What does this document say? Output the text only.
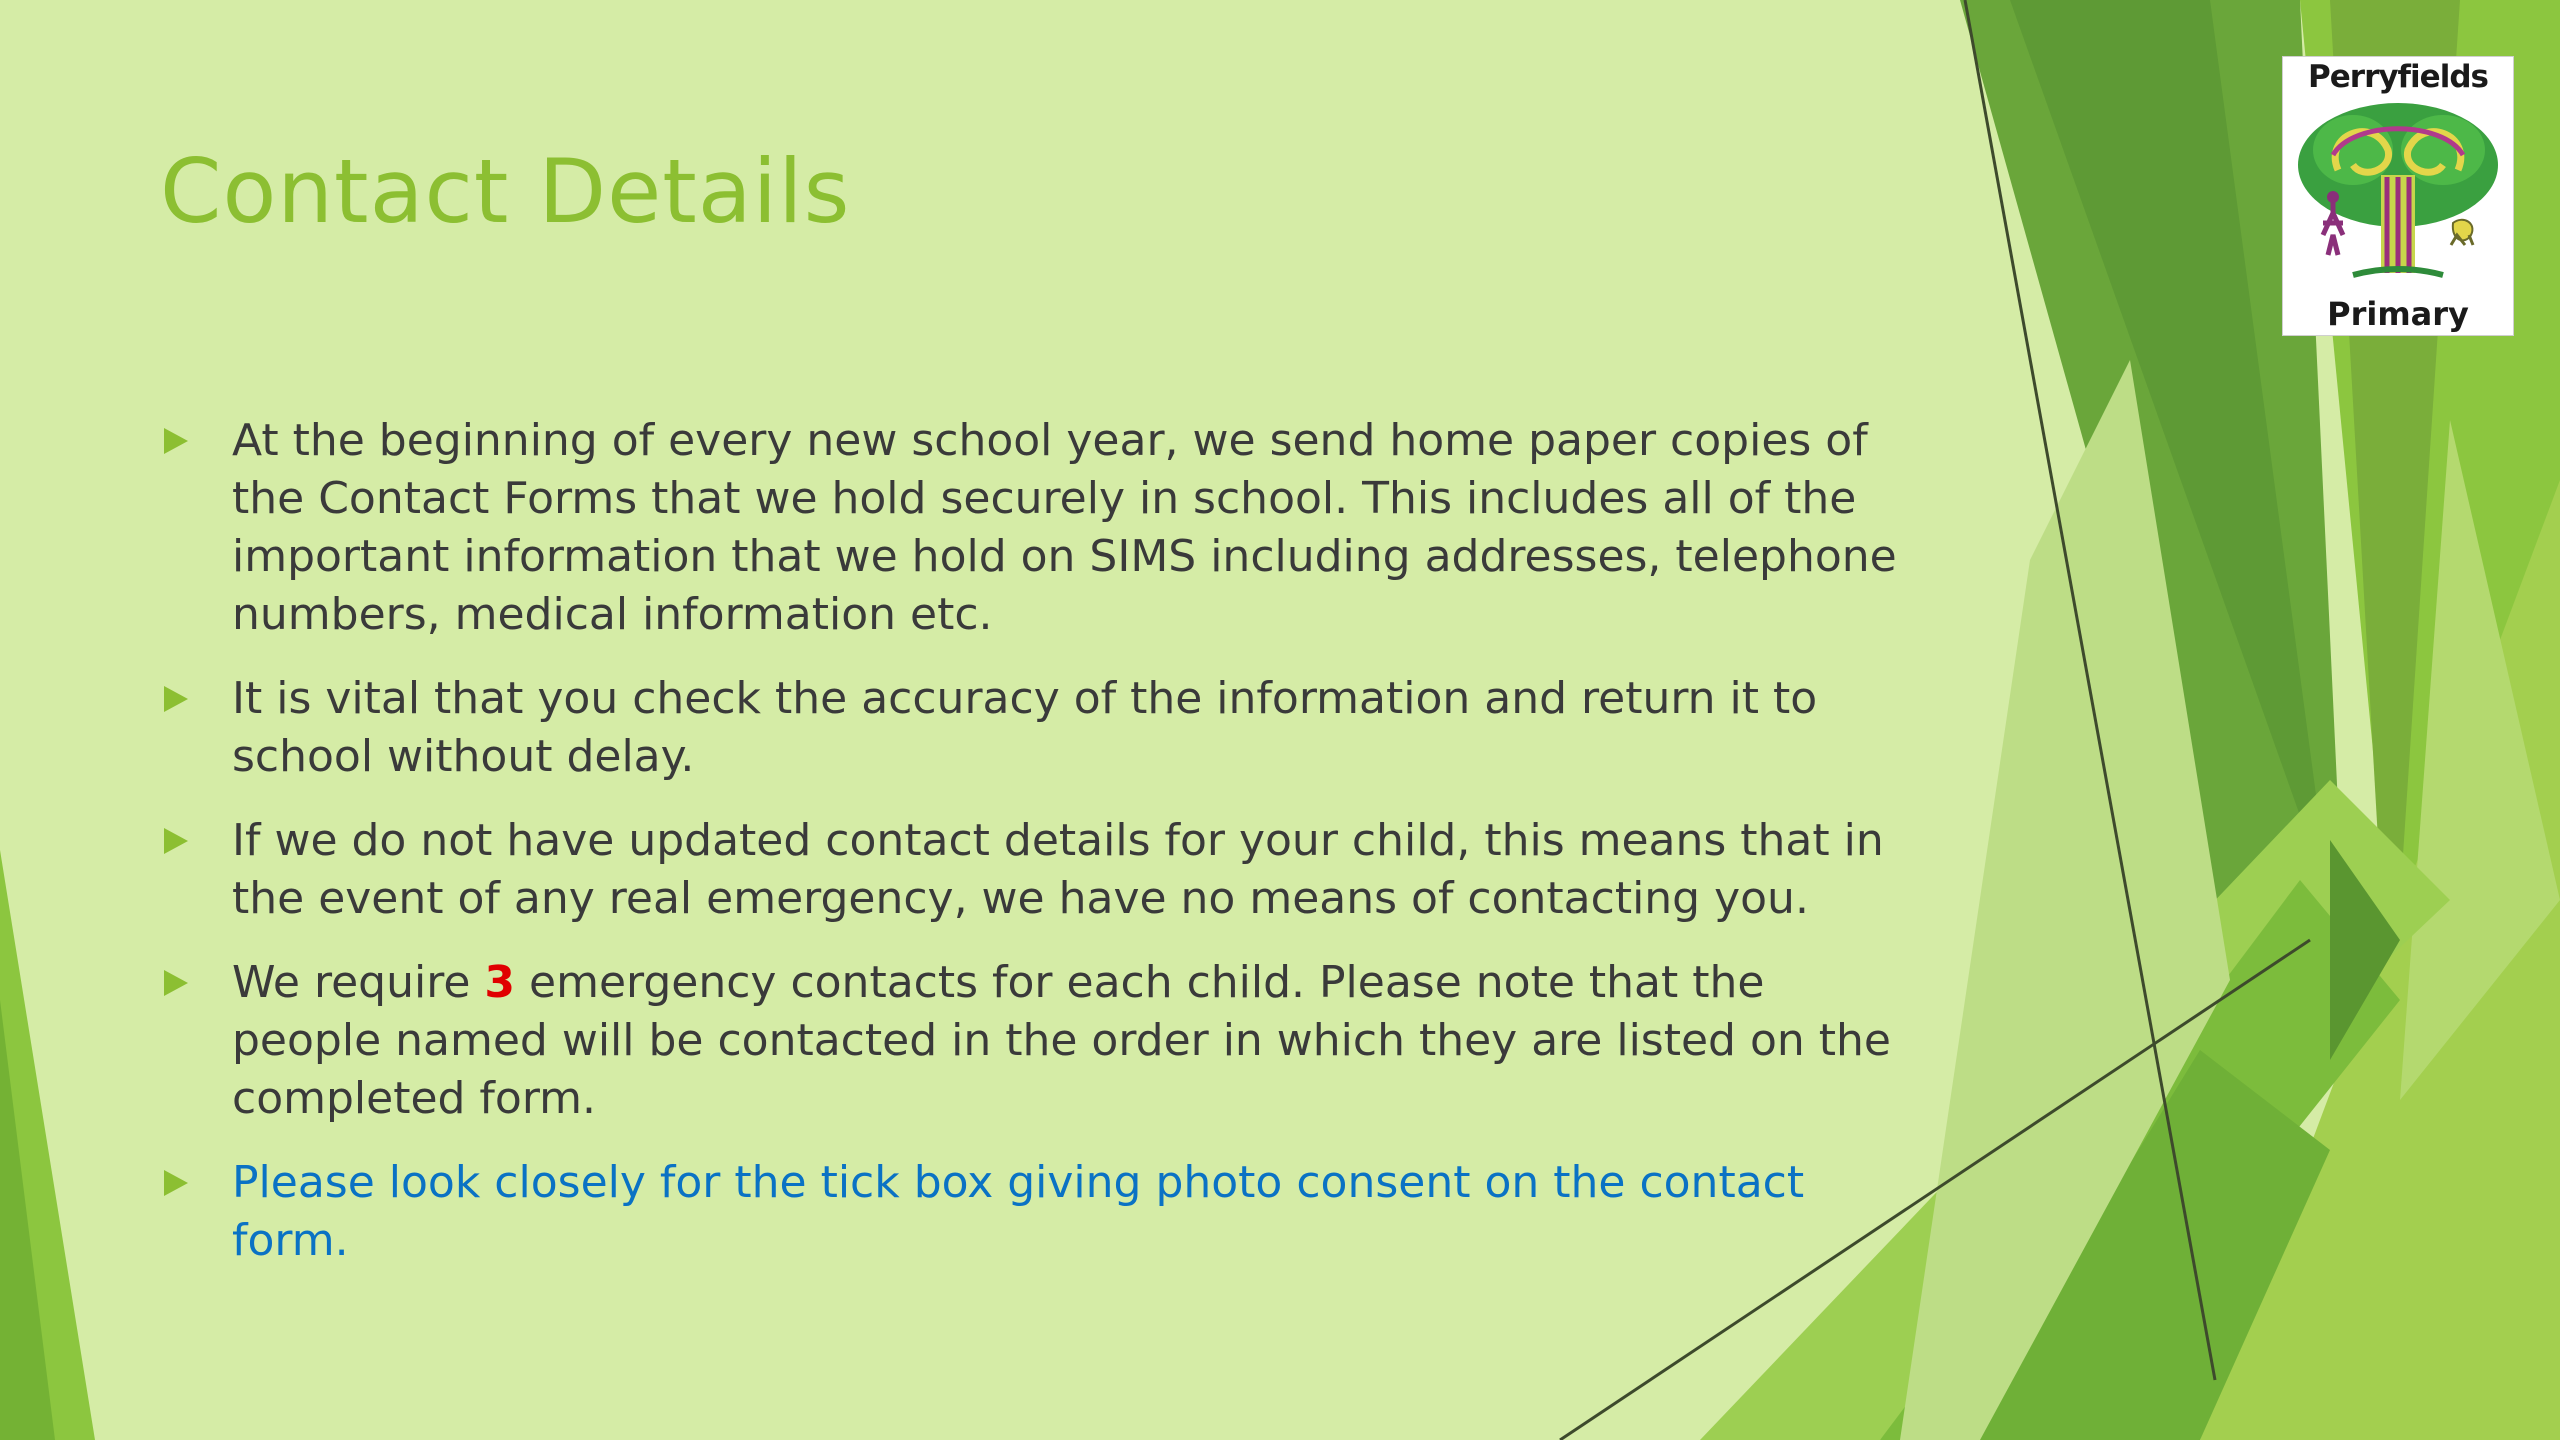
Contact Details
At the beginning of every new school year, we send home paper copies of the Contact Forms that we hold securely in school. This includes all of the important information that we hold on SIMS including addresses, telephone numbers, medical information etc.
It is vital that you check the accuracy of the information and return it to school without delay.
If we do not have updated contact details for your child, this means that in the event of any real emergency, we have no means of contacting you.
We require 3 emergency contacts for each child. Please note that the people named will be contacted in the order in which they are listed on the completed form.
Please look closely for the tick box giving photo consent on the contact form.
Perryfields
Primary
